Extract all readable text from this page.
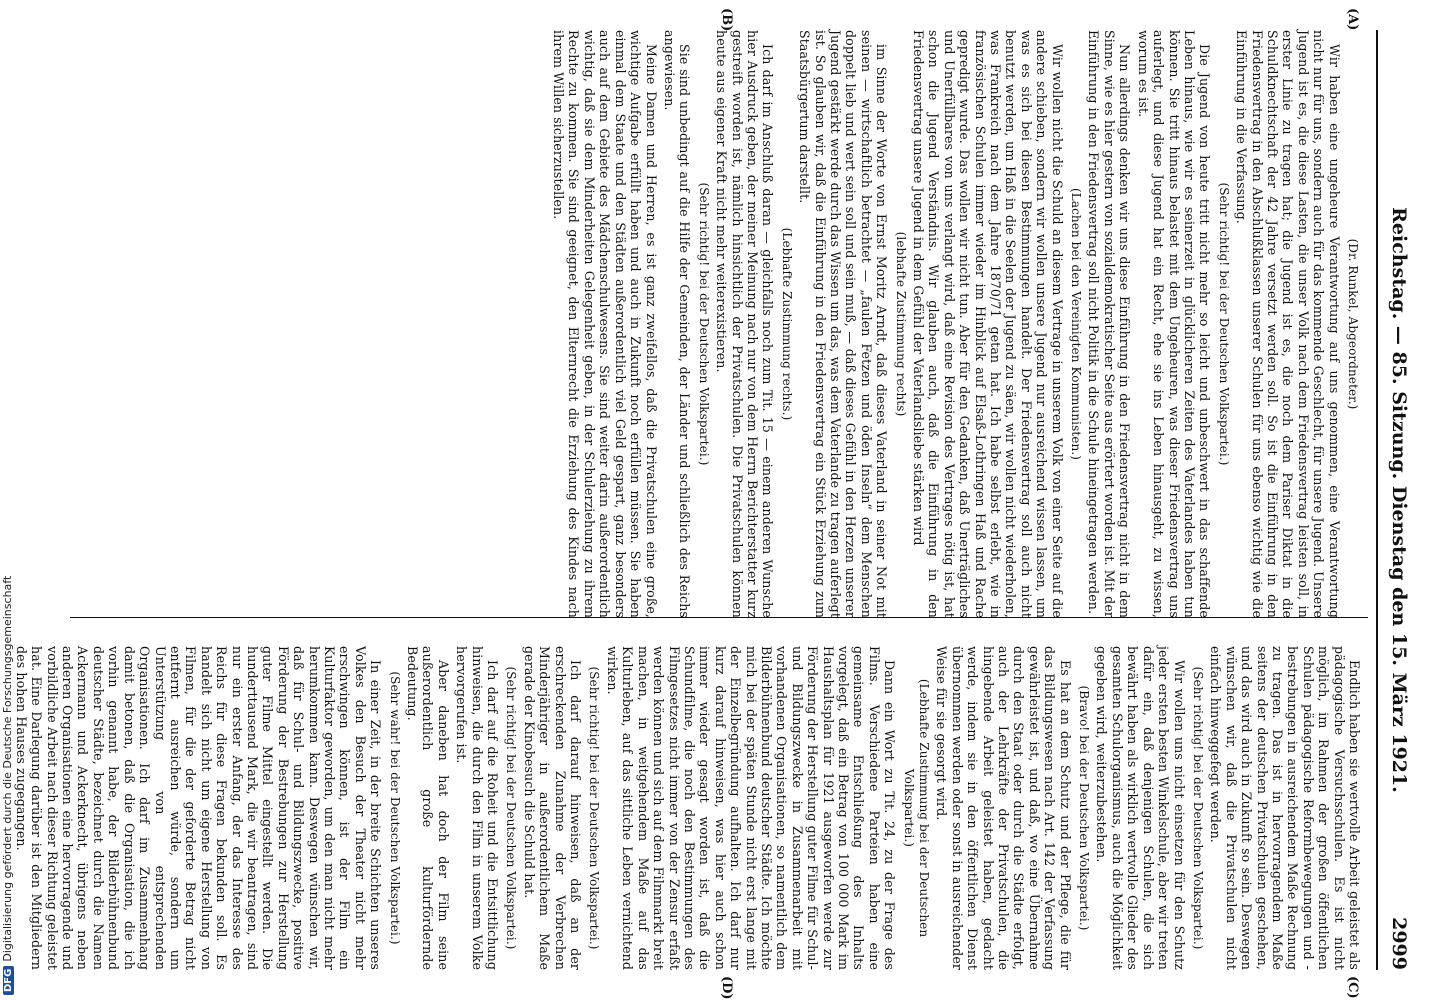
Reichstag. — 85. Sitzung. Dienstag den 15. März 1921.
2999
(A)
(B)
(C)
(D)

(Dr. Runkel, Abgeordneter.)

Wir haben eine ungeheure Verantwortung auf uns genommen, eine Verantwortung nicht nur für uns, sondern auch für das kommende Geschlecht, für unsere Jugend. Unsere Jugend ist es, die diese Lasten, die unser Volk nach dem Friedensvertrag leisten soll, in erster Linie zu tragen hat; die Jugend ist es, die noch dem Pariser Diktat in die Schuldknechtschaft der 42 Jahre versetzt werden soll. So ist die Einführung in den Friedensvertrag in den Abschlußklassen unserer Schulen für uns ebenso wichtig wie die Einführung in die Verfassung.

(Sehr richtig! bei der Deutschen Volkspartei.)

Die Jugend von heute tritt nicht mehr so leicht und unbeschwert in das schaffende Leben hinaus, wie wir es seinerzeit in glücklicheren Zeiten des Vaterlandes haben tun können. Sie tritt hinaus belastet mit dem Ungeheuren, was dieser Friedensvertrag uns auferlegt, und diese Jugend hat ein Recht, ehe sie ins Leben hinausgeht, zu wissen, worum es ist.

Nun allerdings denken wir uns diese Einführung in den Friedensvertrag nicht in dem Sinne, wie es hier gestern von sozialdemokratischer Seite aus erörtert worden ist. Mit der Einführung in den Friedensvertrag soll nicht Politik in die Schule hineingetragen werden.

(Lachen bei den Vereinigten Kommunisten.)

Wir wollen nicht die Schuld an diesem Vertrage in unserem Volk von einer Seite auf die andere schieben, sondern wir wollen unsere Jugend nur ausreichend wissen lassen, um was es sich bei diesen Bestimmungen handelt. Der Friedensvertrag soll auch nicht benutzt werden, um Haß in die Seelen der Jugend zu säen, wir wollen nicht wiederholen, was Frankreich nach dem Jahre 1870/71 getan hat. Ich habe selbst erlebt, wie in französischen Schulen immer wieder im Hinblick auf Elsaß-Lothringen Haß und Rache gepredigt wurde. Das wollen wir nicht tun. Aber für den Gedanken, daß Unerträgliches und Unerfüllbares von uns verlangt wird, daß eine Revision des Vertrages nötig ist, hat schon die Jugend Verständnis. Wir glauben auch, daß die Einführung in den Friedensvertrag unsere Jugend in dem Gefühl der Vaterlandsliebe stärken wird

(lebhafte Zustimmung rechts)

im Sinne der Worte von Ernst Moritz Arndt, daß dieses Vaterland in seiner Not mit seinen — wirtschaftlich betrachtet — „faulen Fetzen und öden Inseln“ dem Menschen doppelt lieb und wert sein soll und sein muß, — daß dieses Gefühl in den Herzen unserer Jugend gestärkt werde durch das Wissen um das, was dem Vaterlande zu tragen auferlegt ist. So glauben wir, daß die Einführung in den Friedensvertrag ein Stück Erziehung zum Staatsbürgertum darstellt.

(Lebhafte Zustimmung rechts.)

Ich darf im Anschluß daran — gleichfalls noch zum Tit. 15 — einem anderen Wunsche hier Ausdruck geben, der meiner Meinung nach nur von dem Herrn Berichterstatter kurz gestreift worden ist, nämlich hinsichtlich der Privatschulen. Die Privatschulen können heute aus eigener Kraft nicht mehr weiterexistieren.

(Sehr richtig! bei der Deutschen Volkspartei.)

Sie sind unbedingt auf die Hilfe der Gemeinden, der Länder und schließlich des Reichs angewiesen.

Meine Damen und Herren, es ist ganz zweifellos, daß die Privatschulen eine große, wichtige Aufgabe erfüllt haben und auch in Zukunft noch erfüllen müssen. Sie haben einmal dem Staate und den Städten außerordentlich viel Geld gespart, ganz besonders auch auf dem Gebiete des Mädchenschulwesens. Sie sind weiter darin außerordentlich wichtig, daß sie dem Minderheiten Gelegenheit geben, in der Schulerziehung zu ihrem Rechte zu kommen. Sie sind geeignet, den Elternrecht die Erziehung des Kindes nach ihrem Willen sicherzustellen.

Endlich haben sie wertvolle Arbeit geleistet als pädagogische Versuchsschulen. Es ist nicht möglich, im Rahmen der großen öffentlichen Schulen pädagogische Reformbewegungen und -bestrebungen in ausreichendem Maße Rechnung zu tragen. Das ist in hervorragendem Maße seitens der deutschen Privatschulen geschehen, und das wird auch in Zukunft so sein. Deswegen wünschen wir, daß die Privatschulen nicht einfach hinweggefegt werden.

(Sehr richtig! bei der Deutschen Volkspartei.)

Wir wollen uns nicht einsetzen für den Schutz jeder ersten besten Winkelschule, aber wir treten dafür ein, daß denjenigen Schulen, die sich bewährt haben als wirklich wertvolle Glieder des gesamten Schulorganismus, auch die Möglichkeit gegeben wird, weiterzubestehen.

(Bravo! bei der Deutschen Volkspartei.)

Es hat an dem Schutz und der Pflege, die für das Bildungswesen nach Art. 142 der Verfassung gewährleistet ist, und daß, wo eine Übernahme durch den Staat oder durch die Städte erfolgt, auch der Lehrkräfte der Privatschulen, die hingebende Arbeit geleistet haben, gedacht werde, indem sie in den öffentlichen Dienst übernommen werden oder sonst in ausreichender Weise für sie gesorgt wird.

(Lebhafte Zustimmung bei der Deutschen Volkspartei.)

Dann ein Wort zu Tit. 24, zu der Frage des Films. Verschiedene Parteien haben eine gemeinsame Entschließung des Inhalts vorgelegt, daß ein Betrag von 100 000 Mark im Haushaltsplan für 1921 ausgeworfen werde zur Förderung der Herstellung guter Filme für Schul- und Bildungszwecke in Zusammenarbeit mit vorhandenen Organisationen, so namentlich dem Bilderbühnenbund deutscher Städte. Ich möchte mich bei der späten Stunde nicht erst lange mit der Einzelbegründung aufhalten. Ich darf nur kurz darauf hinweisen, was hier auch schon immer wieder gesagt worden ist, daß die Schundfilme, die noch den Bestimmungen des Filmgesetzes nicht immer von der Zensur erfaßt werden können und sich auf dem Filmmarkt breit machen, in weitgehendem Maße auf das Kulturleben, auf das sittliche Leben vernichtend wirken.

(Sehr richtig! bei der Deutschen Volkspartei.)

Ich darf darauf hinweisen, daß an der erschreckenden Zunahme der Verbrechen Minderjähriger in außerordentlichem Maße gerade der Kinobesuch die Schuld hat.

(Sehr richtig! bei der Deutschen Volkspartei.)

Ich darf auf die Roheit und die Entsittlichung hinweisen, die durch den Film in unserem Volke hervorgerufen ist.

Aber daneben hat doch der Film seine außerordentlich große kulturfördernde Bedeutung.

(Sehr wahr! bei der Deutschen Volkspartei.)

In einer Zeit, in der breite Schichten unseres Volkes den Besuch der Theater nicht mehr erschwingen können, ist der Film ein Kulturfaktor geworden, um den man nicht mehr herumkommen kann. Deswegen wünschen wir, daß für Schul- und Bildungszwecke, positive Förderung der Bestrebungen zur Herstellung guter Filme Mittel eingestellt werden. Die hunderttausend Mark, die wir beantragen, sind nur ein erster Anfang, der das Interesse des Reichs für diese Fragen bekunden soll. Es handelt sich nicht um eigene Herstellung von Filmen, für die der geforderte Betrag nicht entfernt ausreichen würde, sondern um Unterstützung von entsprechenden Organisationen. Ich darf im Zusammenhang damit betonen, daß die Organisation, die ich vorhin genannt habe, der Bilderbühnenbund deutscher Städte, bezeichnet durch die Namen Ackermann und Ackerknecht, übrigens neben anderen Organisationen eine hervorragende und vorbildliche Arbeit nach dieser Richtung geleistet hat. Eine Darlegung darüber ist den Mitgliedern des hohen Hauses zugegangen.

DFGDigitalisierung gefördert durch die Deutsche Forschungsgemeinschaft
